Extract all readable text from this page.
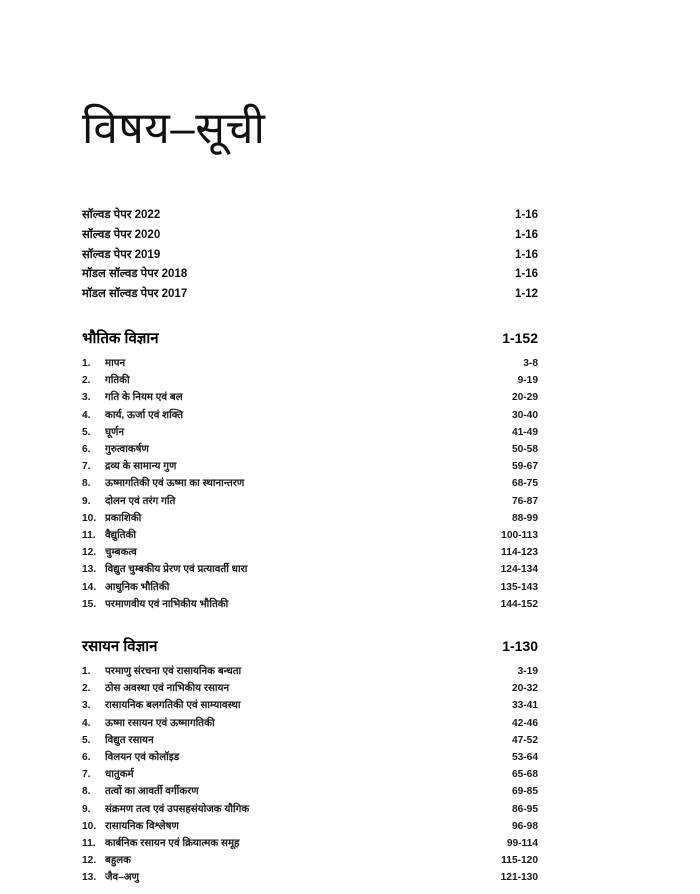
विषय–सूची
सॉल्वड पेपर 2022	1-16
सॉल्वड पेपर 2020	1-16
सॉल्वड पेपर 2019	1-16
मॉडल सॉल्वड पेपर 2018	1-16
मॉडल सॉल्वड पेपर 2017	1-12
भौतिक विज्ञान	1-152
1.	मापन	3-8
2.	गतिकी	9-19
3.	गति के नियम एवं बल	20-29
4.	कार्य, ऊर्जा एवं शक्ति	30-40
5.	घूर्णन	41-49
6.	गुरुत्वाकर्षण	50-58
7.	द्रव्य के सामान्य गुण	59-67
8.	ऊष्मागतिकी एवं ऊष्मा का स्थानान्तरण	68-75
9.	दोलन एवं तरंग गति	76-87
10. प्रकाशिकी	88-99
11. वैद्युतिकी	100-113
12. चुम्बकत्व	114-123
13. विद्युत चुम्बकीय प्रेरण एवं प्रत्यावर्ती धारा	124-134
14. आधुनिक भौतिकी	135-143
15. परमाणवीय एवं नाभिकीय भौतिकी	144-152
रसायन विज्ञान	1-130
1.	परमाणु संरचना एवं रासायनिक बन्धता	3-19
2.	ठोस अवस्था एवं नाभिकीय रसायन	20-32
3.	रासायनिक बलगतिकी एवं साम्यावस्था	33-41
4.	ऊष्मा रसायन एवं ऊष्मागतिकी	42-46
5.	विद्युत रसायन	47-52
6.	विलयन एवं कोलॉइड	53-64
7.	धातुकर्म	65-68
8.	तत्वों का आवर्ती वर्गीकरण	69-85
9.	संक्रमण तत्व एवं उपसहसंयोजक यौगिक	86-95
10. रासायनिक विश्लेषण	96-98
11. कार्बनिक रसायन एवं क्रियात्मक समूह	99-114
12. बहुलक	115-120
13. जैव–अणु	121-130
